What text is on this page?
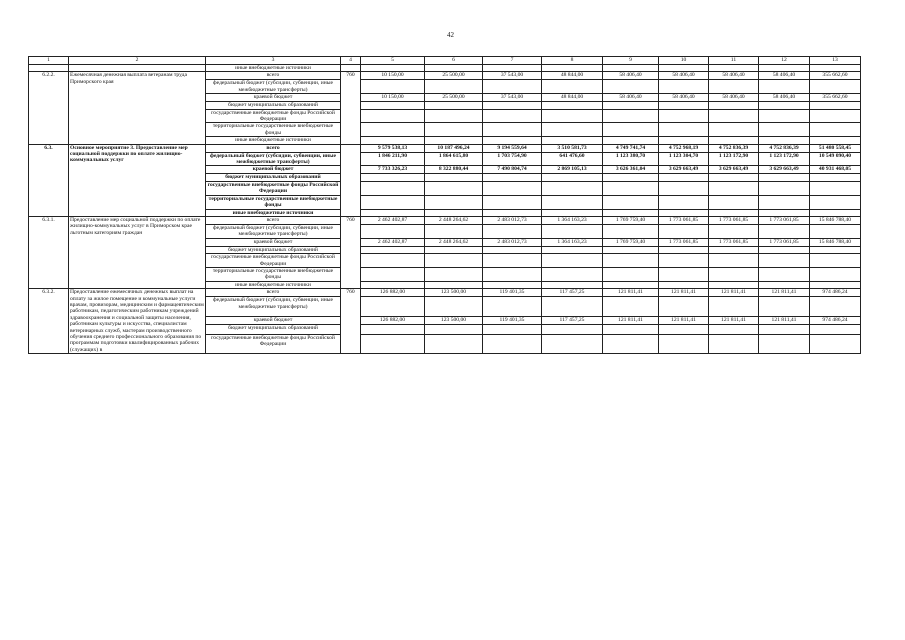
42
1	2	3	4	5	6	7	8	9	10	11	12	13
		иные внебюджетные источники										
6.2.2.	Ежемесячная денежная выплата ветеранам труда Приморского края	всего	760	10 150,00	25 500,00	37 543,00	48 844,00	58 406,40	58 406,40	58 406,40	58 406,40	355 662,60
		федеральный бюджет (субсидии, субвенции, иные межбюджетные трансферты)										
		краевой бюджет		10 150,00	25 500,00	37 543,00	48 844,00	58 406,40	58 406,40	58 406,40	58 406,40	355 662,60
		бюджет муниципальных образований										
		государственные внебюджетные фонды Российской Федерации										
		территориальные государственные внебюджетные фонды										
		иные внебюджетные источники										
6.3.	Основное мероприятие 3. Предоставление мер социальной поддержки по оплате жилищно-коммунальных услуг	всего		9 579 538,13	10 187 496,24	9 194 559,64	3 510 581,73	4 749 741,74	4 752 968,19	4 752 836,39	4 752 836,39	51 480 558,45
		федеральный бюджет (субсидии, субвенции, иные межбюджетные трансферты)		1 846 211,90	1 864 615,80	1 703 754,90	641 476,60	1 123 380,70	1 123 304,70	1 123 172,90	1 123 172,90	10 549 090,40
		краевой бюджет		7 733 326,23	8 322 880,44	7 490 804,74	2 869 105,13	3 626 361,04	3 629 663,49	3 629 663,49	3 629 663,49	40 931 468,05
		бюджет муниципальных образований										
		государственные внебюджетные фонды Российской Федерации										
		территориальные государственные внебюджетные фонды										
		иные внебюджетные источники										
6.3.1.	Предоставление мер социальной поддержки по оплате жилищно-коммунальных услуг в Приморском крае льготным категориям граждан	всего	760	2 462 402,87	2 448 264,62	2 483 012,73	1 364 163,23	1 769 759,40	1 773 061,85	1 773 061,85	1 773 061,85	15 846 788,40
		федеральный бюджет (субсидии, субвенции, иные межбюджетные трансферты)										
		краевой бюджет		2 462 402,87	2 448 264,62	2 483 012,73	1 364 163,23	1 769 759,40	1 773 061,85	1 773 061,85	1 773 061,85	15 846 788,40
		бюджет муниципальных образований										
		государственные внебюджетные фонды Российской Федерации										
		территориальные государственные внебюджетные фонды										
		иные внебюджетные источники										
6.3.2.	Предоставление ежемесячных денежных выплат на оплату за жилое помещение и коммунальные услуги врачам, провизорам, медицинским и фармацевтическим работникам, педагогическим работникам учреждений здравоохранения и социальной защиты населения, работникам культуры и искусства, специалистам ветеринарных служб, мастерам производственного обучения среднего профессионального образования по программам подготовки квалифицированных рабочих (служащих) в	всего	760	126 882,00	123 500,00	119 401,35	117 457,25	121 811,41	121 811,41	121 811,41	121 811,41	974 486,24
		федеральный бюджет (субсидии, субвенции, иные межбюджетные трансферты)										
		краевой бюджет		126 882,00	123 500,00	119 401,35	117 457,25	121 811,41	121 811,41	121 811,41	121 811,41	974 486,24
		бюджет муниципальных образований										
		государственные внебюджетные фонды Российской Федерации										
